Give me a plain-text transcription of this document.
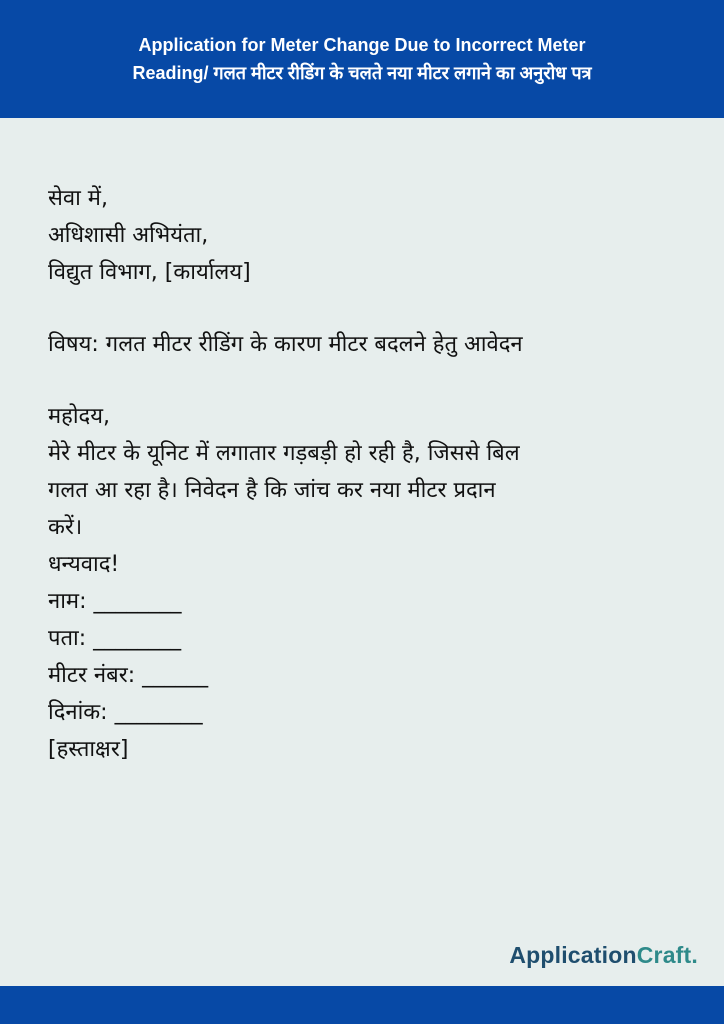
Application for Meter Change Due to Incorrect Meter
Reading/ गलत मीटर रीडिंग के चलते नया मीटर लगाने का अनुरोध पत्र
सेवा में,
अधिशासी अभियंता,
विद्युत विभाग, [कार्यालय]
विषय: गलत मीटर रीडिंग के कारण मीटर बदलने हेतु आवेदन
महोदय,
मेरे मीटर के यूनिट में लगातार गड़बड़ी हो रही है, जिससे बिल
गलत आ रहा है। निवेदन है कि जांच कर नया मीटर प्रदान
करें।
धन्यवाद!
नाम: ________
पता: ________
मीटर नंबर: ______
दिनांक: ________
[हस्ताक्षर]
ApplicationCraft.
